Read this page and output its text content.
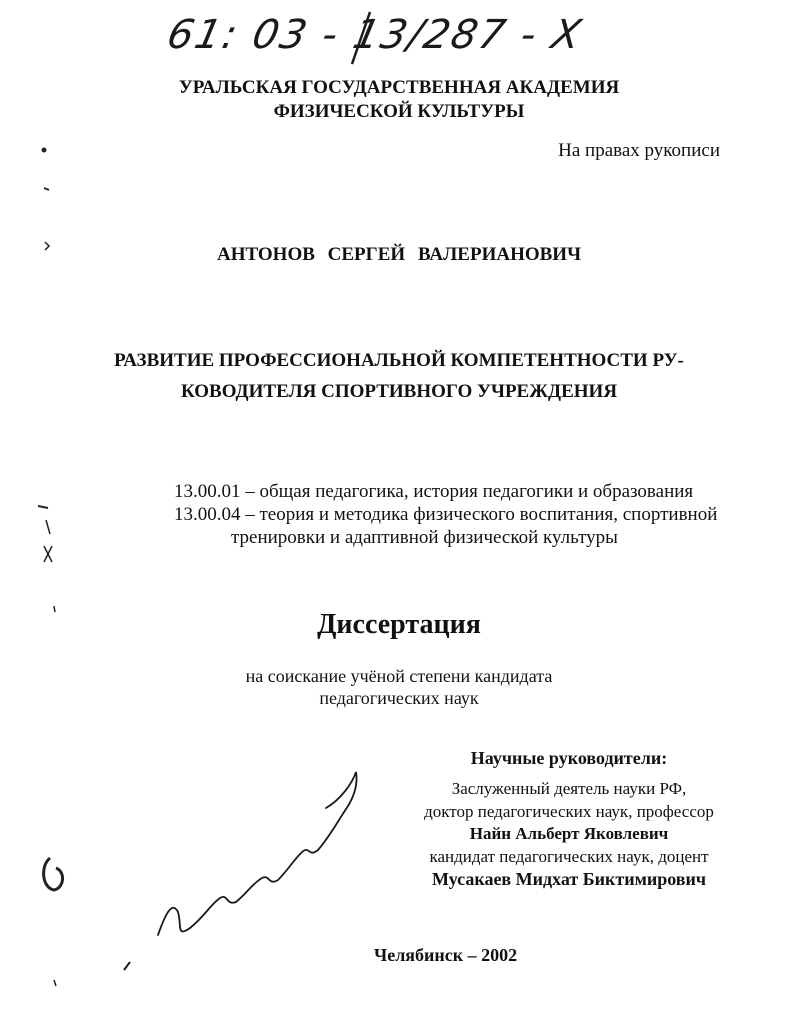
61: 03 - 13/287 - X
УРАЛЬСКАЯ ГОСУДАРСТВЕННАЯ АКАДЕМИЯ
ФИЗИЧЕСКОЙ КУЛЬТУРЫ
На правах рукописи
АНТОНОВ СЕРГЕЙ ВАЛЕРИАНОВИЧ
РАЗВИТИЕ ПРОФЕССИОНАЛЬНОЙ КОМПЕТЕНТНОСТИ РУ-
КОВОДИТЕЛЯ СПОРТИВНОГО УЧРЕЖДЕНИЯ
13.00.01 – общая педагогика, история педагогики и образования
13.00.04 – теория и методика физического воспитания, спортивной
тренировки и адаптивной физической культуры
Диссертация
на соискание учёной степени кандидата
педагогических наук
Научные руководители:
Заслуженный деятель науки РФ,
доктор педагогических наук, профессор
Найн Альберт Яковлевич
кандидат педагогических наук, доцент
Мусакаев Мидхат Биктимирович
Челябинск – 2002
